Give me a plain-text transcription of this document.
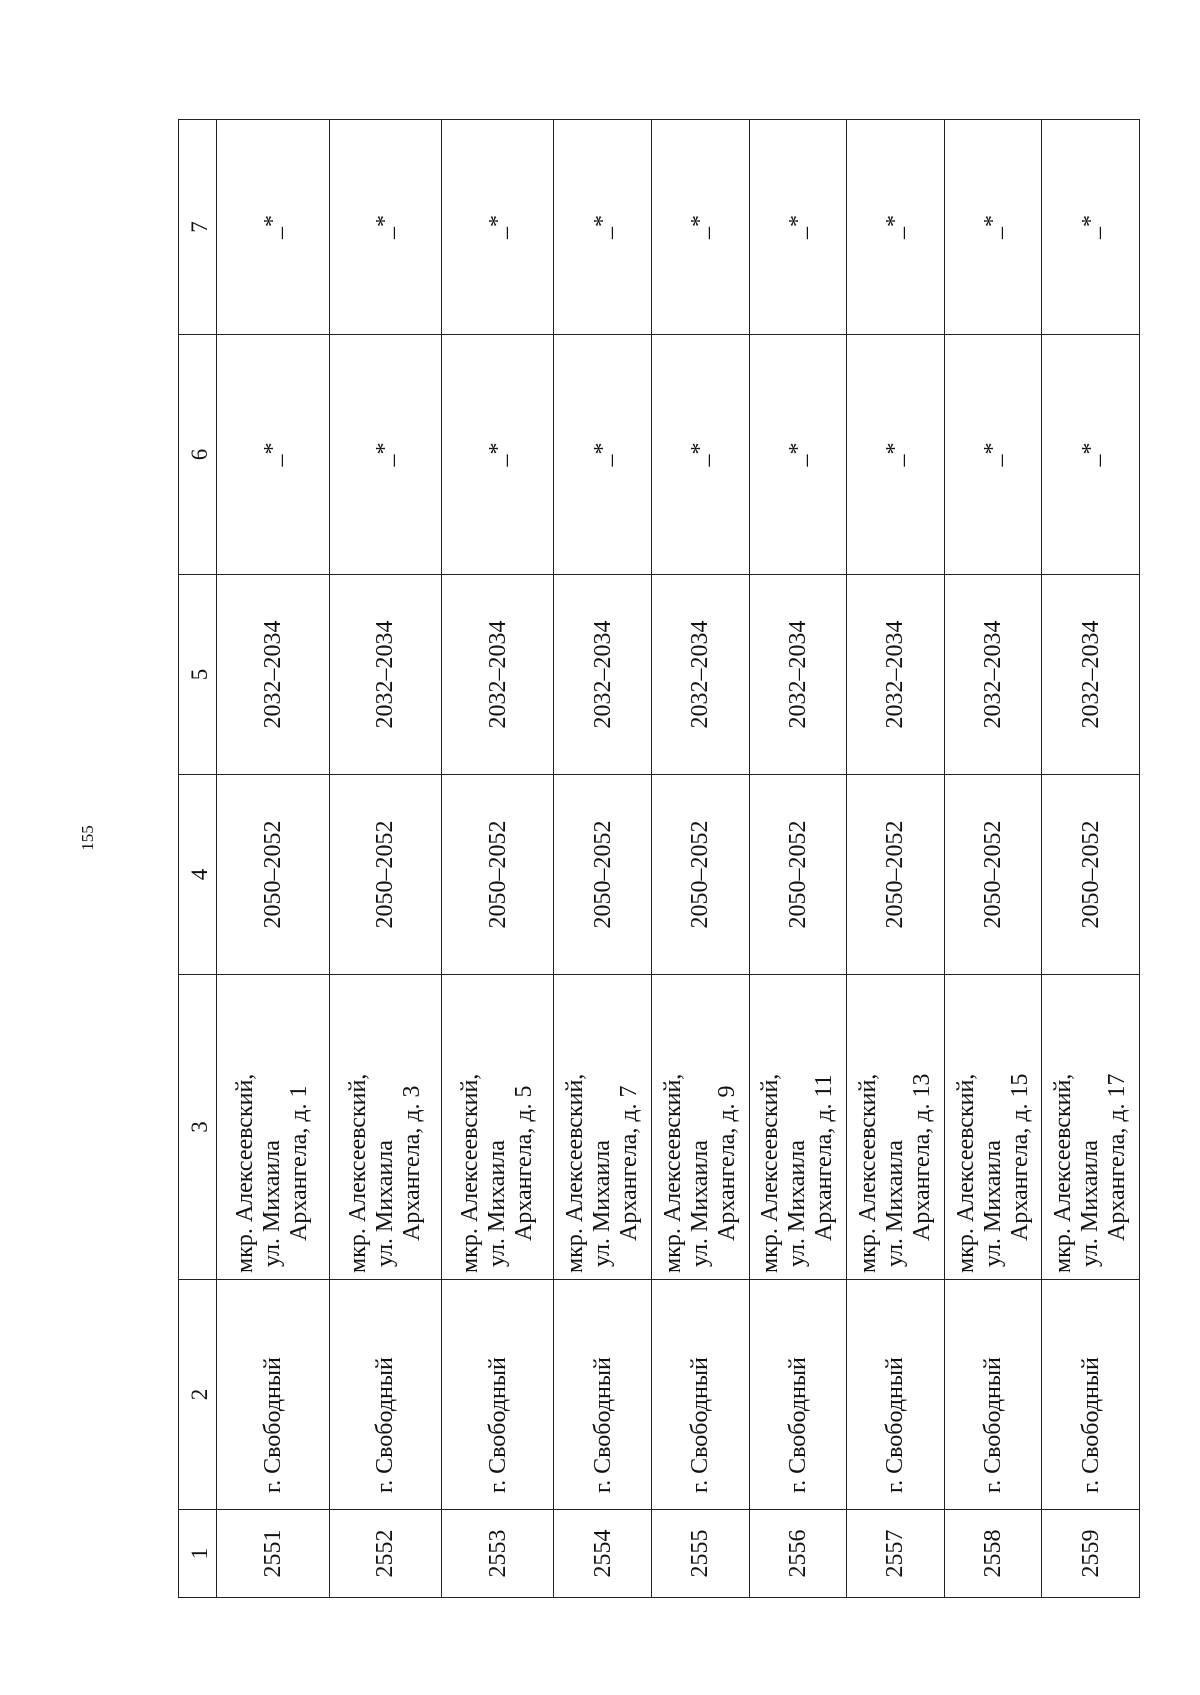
155
1	2	3	4	5	6	7
2551	г. Свободный	мкр. Алексеевский, ул. Михаила Архангела, д. 1	2050–2052	2032–2034	_*	_*
2552	г. Свободный	мкр. Алексеевский, ул. Михаила Архангела, д. 3	2050–2052	2032–2034	_*	_*
2553	г. Свободный	мкр. Алексеевский, ул. Михаила Архангела, д. 5	2050–2052	2032–2034	_*	_*
2554	г. Свободный	мкр. Алексеевский, ул. Михаила Архангела, д. 7	2050–2052	2032–2034	_*	_*
2555	г. Свободный	мкр. Алексеевский, ул. Михаила Архангела, д. 9	2050–2052	2032–2034	_*	_*
2556	г. Свободный	мкр. Алексеевский, ул. Михаила Архангела, д. 11	2050–2052	2032–2034	_*	_*
2557	г. Свободный	мкр. Алексеевский, ул. Михаила Архангела, д. 13	2050–2052	2032–2034	_*	_*
2558	г. Свободный	мкр. Алексеевский, ул. Михаила Архангела, д. 15	2050–2052	2032–2034	_*	_*
2559	г. Свободный	мкр. Алексеевский, ул. Михаила Архангела, д. 17	2050–2052	2032–2034	_*	_*
